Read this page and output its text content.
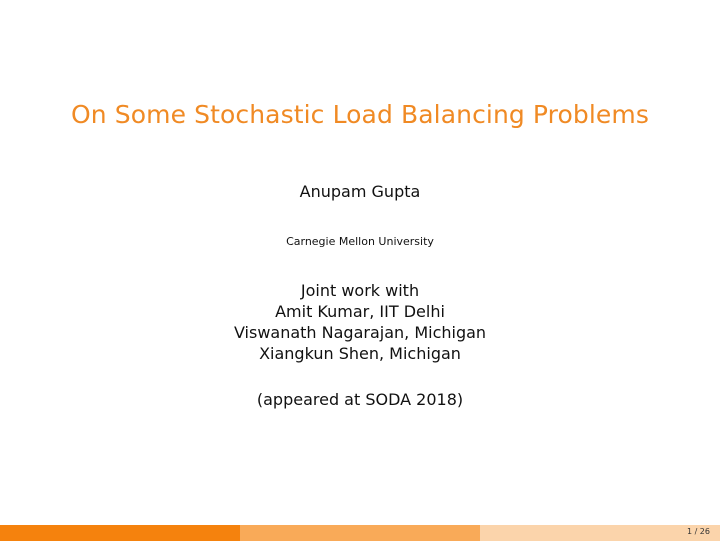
On Some Stochastic Load Balancing Problems
Anupam Gupta
Carnegie Mellon University
Joint work with
Amit Kumar, IIT Delhi
Viswanath Nagarajan, Michigan
Xiangkun Shen, Michigan
(appeared at SODA 2018)
1 / 26
